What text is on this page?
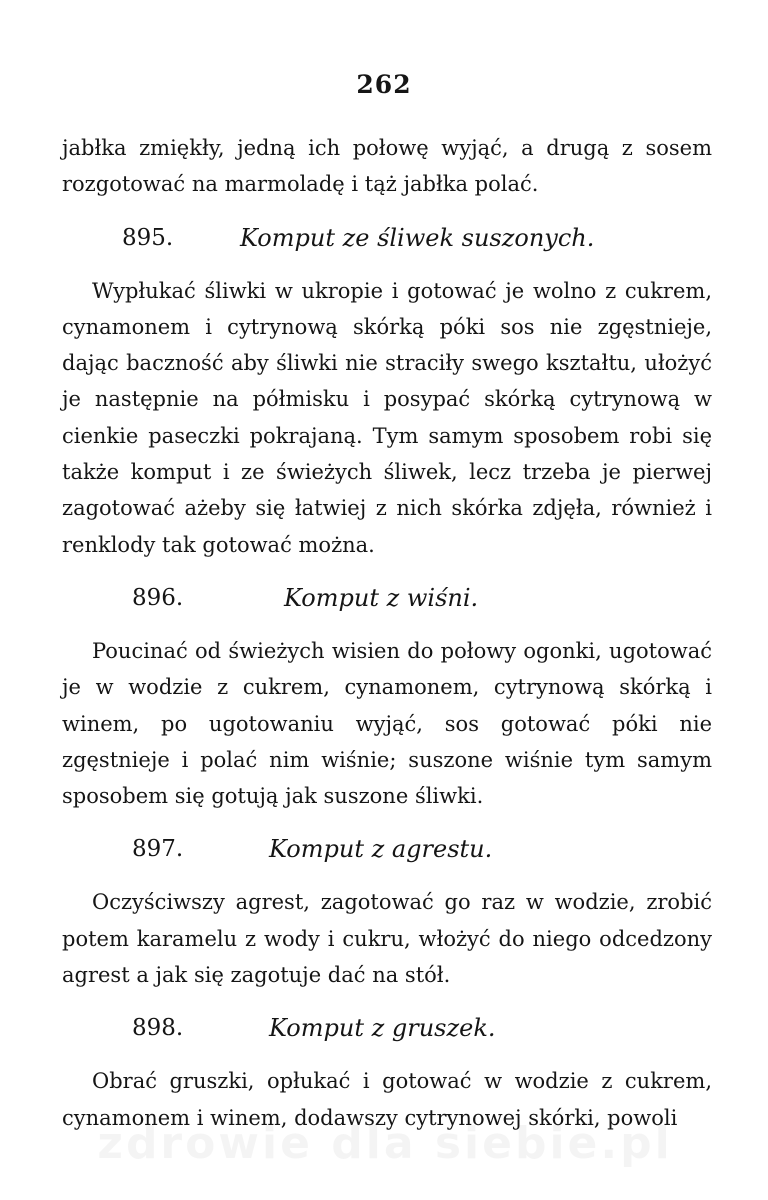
262

jabłka zmiękły, jedną ich połowę wyjąć, a drugą z sosem rozgotować na marmoladę i tąż jabłka polać.

895.	Komput ze śliwek suszonych.

Wypłukać śliwki w ukropie i gotować je wolno z cukrem, cynamonem i cytrynową skórką póki sos nie zgęstnieje, dając baczność aby śliwki nie straciły swego kształtu, ułożyć je następnie na półmisku i posypać skórką cytrynową w cienkie paseczki pokrajaną. Tym samym sposobem robi się także komput i ze świeżych śliwek, lecz trzeba je pierwej zagotować ażeby się łatwiej z nich skórka zdjęła, również i renklody tak gotować można.

896.	Komput z wiśni.

Poucinać od świeżych wisien do połowy ogonki, ugotować je w wodzie z cukrem, cynamonem, cytrynową skórką i winem, po ugotowaniu wyjąć, sos gotować póki nie zgęstnieje i polać nim wiśnie; suszone wiśnie tym samym sposobem się gotują jak suszone śliwki.

897.	Komput z agrestu.

Oczyściwszy agrest, zagotować go raz w wodzie, zrobić potem karamelu z wody i cukru, włożyć do niego odcedzony agrest a jak się zagotuje dać na stół.

898.	Komput z gruszek.

Obrać gruszki, opłukać i gotować w wodzie z cukrem, cynamonem i winem, dodawszy cytrynowej skórki, powoli
